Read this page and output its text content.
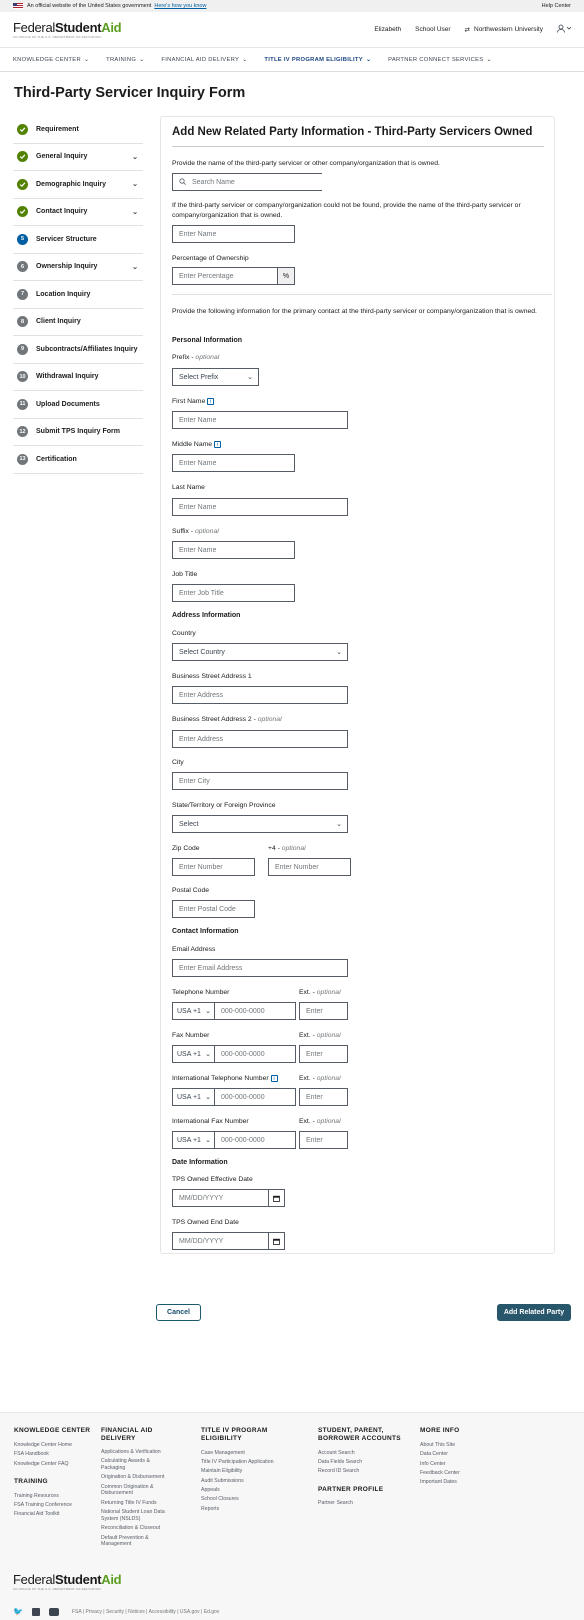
An official website of the United States government Here's how you know	Help Center
FederalStudentAid
AN OFFICE OF THE U.S. DEPARTMENT OF EDUCATION
Elizabeth School User ⇄ Northwestern University
KNOWLEDGE CENTER ⌄	TRAINING ⌄	FINANCIAL AID DELIVERY ⌄	TITLE IV PROGRAM ELIGIBILITY ⌄	PARTNER CONNECT SERVICES ⌄
Third-Party Servicer Inquiry Form
Requirement
General Inquiry	⌄
Demographic Inquiry	⌄
Contact Inquiry	⌄
5	Servicer Structure
6	Ownership Inquiry	⌄
7	Location Inquiry
8	Client Inquiry
9	Subcontracts/Affiliates Inquiry
10	Withdrawal Inquiry
11	Upload Documents
12	Submit TPS Inquiry Form
13	Certification
Add New Related Party Information - Third-Party Servicers Owned
Provide the name of the third-party servicer or other company/organization that is owned.
Search Name
If the third-party servicer or company/organization could not be found, provide the name of the third-party servicer or company/organization that is owned.
Enter Name
Percentage of Ownership
Enter Percentage	%
Provide the following information for the primary contact at the third-party servicer or company/organization that is owned.
Personal Information
Prefix - optional
Select Prefix	⌄
First Name i
Enter Name
Middle Name i
Enter Name
Last Name
Enter Name
Suffix - optional
Enter Name
Job Title
Enter Job Title
Address Information
Country
Select Country	⌄
Business Street Address 1
Enter Address
Business Street Address 2 - optional
Enter Address
City
Enter City
State/Territory or Foreign Province
Select	⌄
Zip Code
Enter Number
+4 - optional
Enter Number
Postal Code
Enter Postal Code
Contact Information
Email Address
Enter Email Address
Telephone Number	Ext. - optional
USA +1 ⌄	000-000-0000	Enter
Fax Number	Ext. - optional
USA +1 ⌄	000-000-0000	Enter
International Telephone Number i	Ext. - optional
USA +1 ⌄	000-000-0000	Enter
International Fax Number	Ext. - optional
USA +1 ⌄	000-000-0000	Enter
Date Information
TPS Owned Effective Date
MM/DD/YYYY
TPS Owned End Date
MM/DD/YYYY
Cancel	Add Related Party
KNOWLEDGE CENTER
Knowledge Center Home
FSA Handbook
Knowledge Center FAQ
TRAINING
Training Resources
FSA Training Conference
Financial Aid Toolkit
FINANCIAL AID DELIVERY
Applications & Verification
Calculating Awards & Packaging
Origination & Disbursement
Common Origination & Disbursement
Returning Title IV Funds
National Student Loan Data System (NSLDS)
Reconciliation & Closeout
Default Prevention & Management
TITLE IV PROGRAM ELIGIBILITY
Case Management
Title IV Participation Application
Maintain Eligibility
Audit Submissions
Appeals
School Closures
Reports
STUDENT, PARENT, BORROWER ACCOUNTS
Account Search
Data Fields Search
Record ID Search
PARTNER PROFILE
Partner Search
MORE INFO
About This Site
Data Center
Info Center
Feedback Center
Important Dates
FederalStudentAid
AN OFFICE OF THE U.S. DEPARTMENT OF EDUCATION
🐦	FSA | Privacy | Security | Notices | Accessibility | USA.gov | Ed.gov
